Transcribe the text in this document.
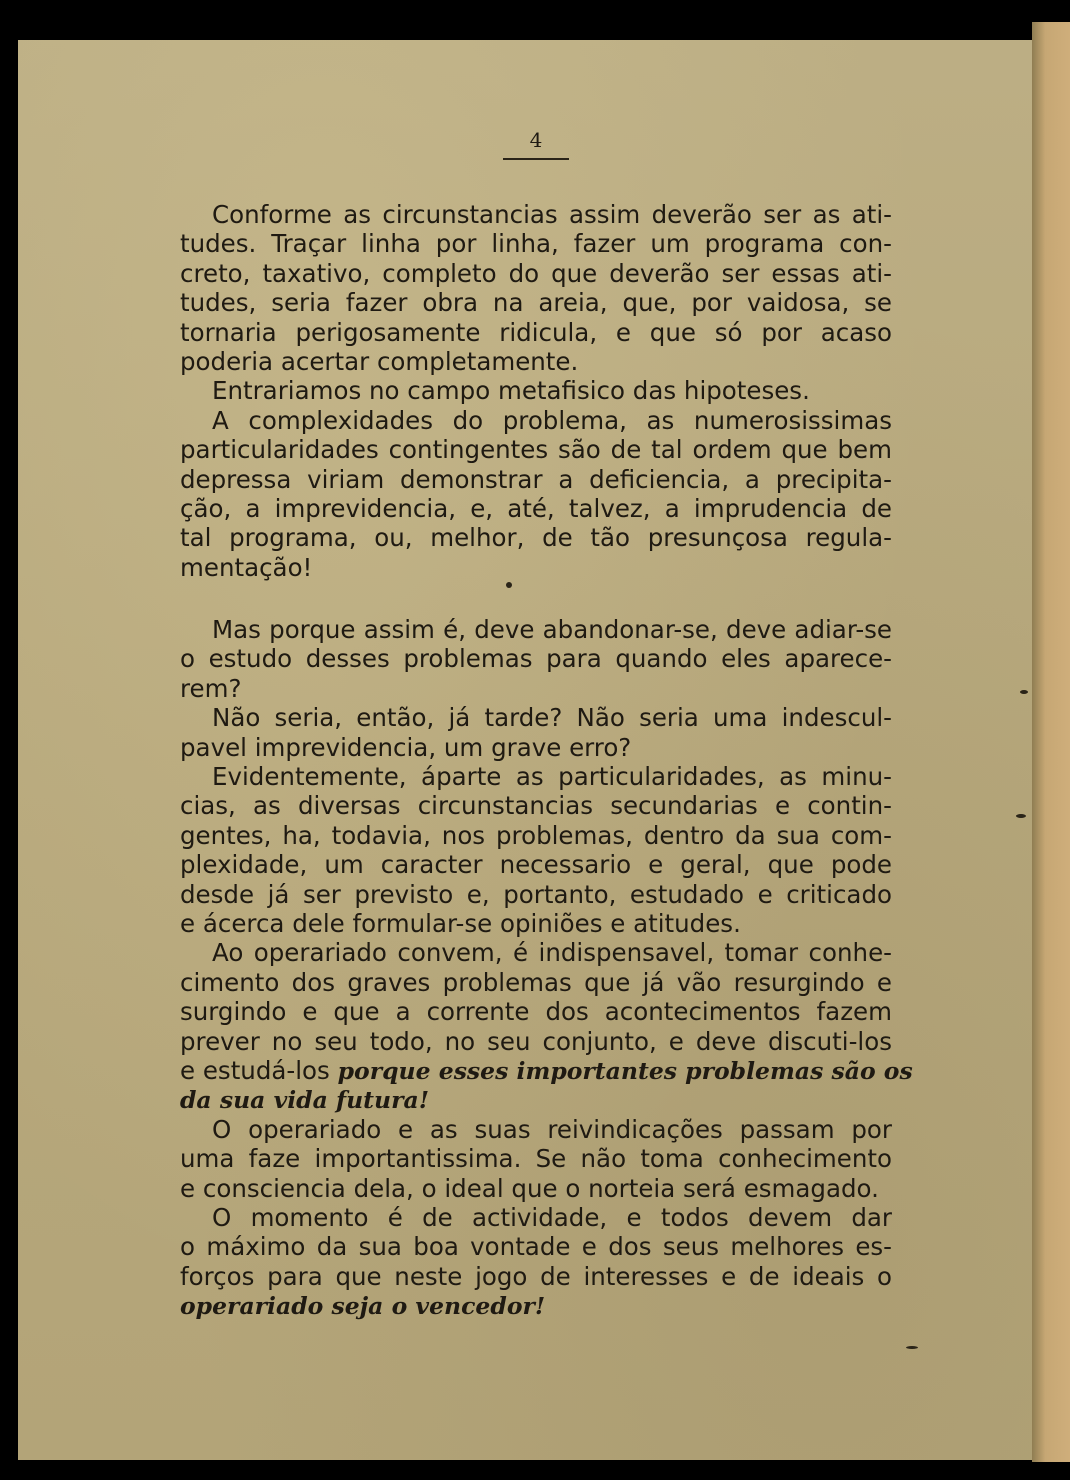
4
Conforme as circunstancias assim deverão ser as ati-
tudes. Traçar linha por linha, fazer um programa con-
creto, taxativo, completo do que deverão ser essas ati-
tudes, seria fazer obra na areia, que, por vaidosa, se
tornaria perigosamente ridicula, e que só por acaso
poderia acertar completamente.
Entrariamos no campo metafisico das hipoteses.
A complexidades do problema, as numerosissimas
particularidades contingentes são de tal ordem que bem
depressa viriam demonstrar a deficiencia, a precipita-
ção, a imprevidencia, e, até, talvez, a imprudencia de
tal programa, ou, melhor, de tão presunçosa regula-
mentação!
Mas porque assim é, deve abandonar-se, deve adiar-se
o estudo desses problemas para quando eles aparece-
rem?
Não seria, então, já tarde? Não seria uma indescul-
pavel imprevidencia, um grave erro?
Evidentemente, áparte as particularidades, as minu-
cias, as diversas circunstancias secundarias e contin-
gentes, ha, todavia, nos problemas, dentro da sua com-
plexidade, um caracter necessario e geral, que pode
desde já ser previsto e, portanto, estudado e criticado
e ácerca dele formular-se opiniões e atitudes.
Ao operariado convem, é indispensavel, tomar conhe-
cimento dos graves problemas que já vão resurgindo e
surgindo e que a corrente dos acontecimentos fazem
prever no seu todo, no seu conjunto, e deve discuti-los
e estudá-los porque esses importantes problemas são os
da sua vida futura!
O operariado e as suas reivindicações passam por
uma faze importantissima. Se não toma conhecimento
e consciencia dela, o ideal que o norteia será esmagado.
O momento é de actividade, e todos devem dar
o máximo da sua boa vontade e dos seus melhores es-
forços para que neste jogo de interesses e de ideais o
operariado seja o vencedor!
